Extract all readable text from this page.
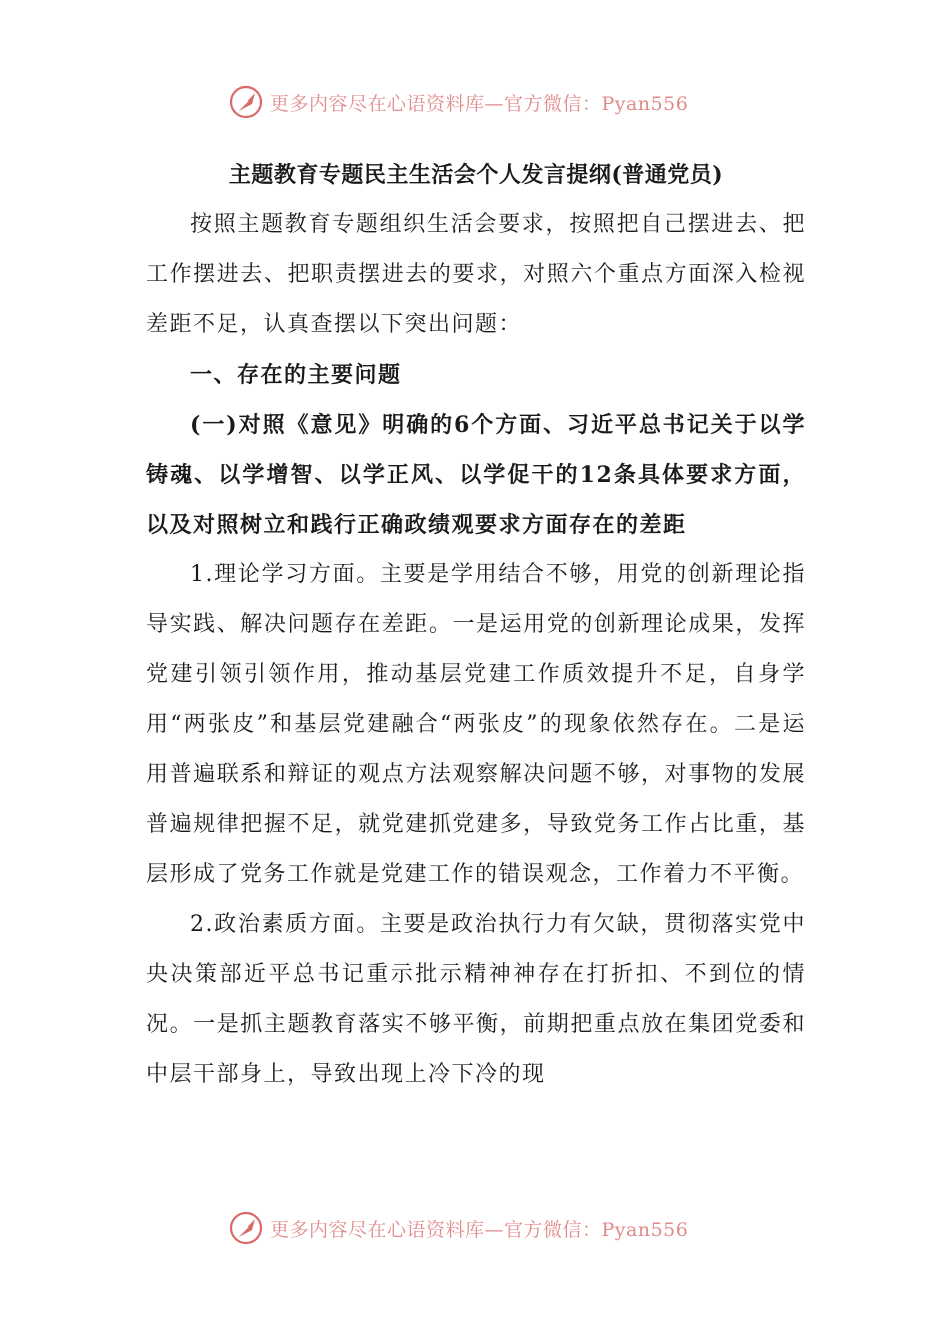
更多内容尽在心语资料库—官方微信：Pyan556

主题教育专题民主生活会个人发言提纲(普通党员)

按照主题教育专题组织生活会要求，按照把自己摆进去、把工作摆进去、把职责摆进去的要求，对照六个重点方面深入检视差距不足，认真查摆以下突出问题：

一、存在的主要问题

(一)对照《意见》明确的6个方面、习近平总书记关于以学铸魂、以学增智、以学正风、以学促干的12条具体要求方面，以及对照树立和践行正确政绩观要求方面存在的差距

1.理论学习方面。主要是学用结合不够，用党的创新理论指导实践、解决问题存在差距。一是运用党的创新理论成果，发挥党建引领引领作用，推动基层党建工作质效提升不足，自身学用“两张皮”和基层党建融合“两张皮”的现象依然存在。二是运用普遍联系和辩证的观点方法观察解决问题不够，对事物的发展普遍规律把握不足，就党建抓党建多，导致党务工作占比重，基层形成了党务工作就是党建工作的错误观念，工作着力不平衡。

2.政治素质方面。主要是政治执行力有欠缺，贯彻落实党中央决策部近平总书记重示批示精神神存在打折扣、不到位的情况。一是抓主题教育落实不够平衡，前期把重点放在集团党委和中层干部身上，导致出现上冷下冷的现

更多内容尽在心语资料库—官方微信：Pyan556
